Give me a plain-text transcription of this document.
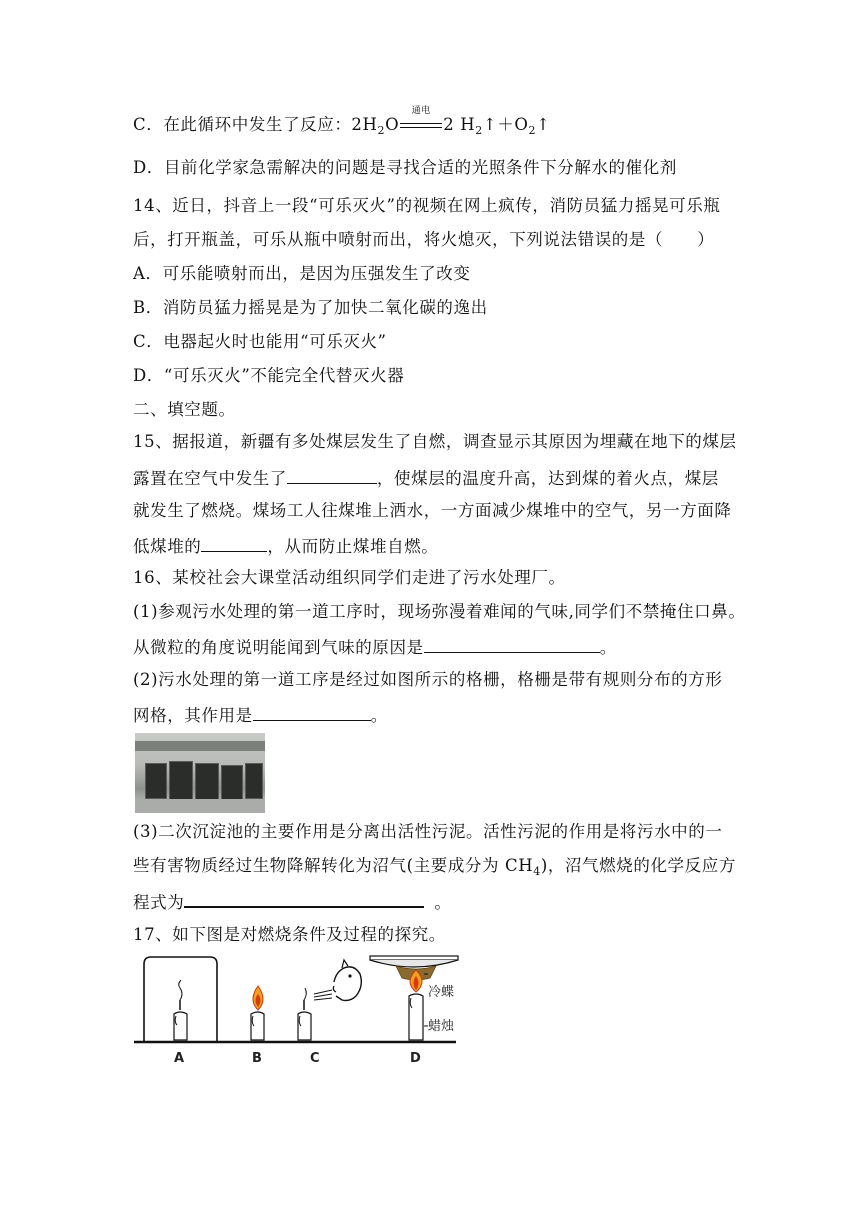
C．在此循环中发生了反应：$2H_2O$
通电
2 $H_2↑+O_2↑$
D．目前化学家急需解决的问题是寻找合适的光照条件下分解水的催化剂
14、近日，抖音上一段“可乐灭火”的视频在网上疯传，消防员猛力摇晃可乐瓶
后，打开瓶盖，可乐从瓶中喷射而出，将火熄灭，下列说法错误的是（　　）
A．可乐能喷射而出，是因为压强发生了改变
B．消防员猛力摇晃是为了加快二氧化碳的逸出
C．电器起火时也能用“可乐灭火”
D．“可乐灭火”不能完全代替灭火器
二、填空题。
15、据报道，新疆有多处煤层发生了自燃，调查显示其原因为埋藏在地下的煤层
露置在空气中发生了	，使煤层的温度升高，达到煤的着火点，煤层
就发生了燃烧。煤场工人往煤堆上洒水，一方面减少煤堆中的空气，另一方面降
低煤堆的	，从而防止煤堆自燃。
16、某校社会大课堂活动组织同学们走进了污水处理厂。
(1)参观污水处理的第一道工序时，现场弥漫着难闻的气味,同学们不禁掩住口鼻。
从微粒的角度说明能闻到气味的原因是	。
(2)污水处理的第一道工序是经过如图所示的格栅，格栅是带有规则分布的方形
网格，其作用是	。
(3)二次沉淀池的主要作用是分离出活性污泥。活性污泥的作用是将污水中的一
些有害物质经过生物降解转化为沼气(主要成分为 $CH_4$)，沼气燃烧的化学反应方
程式为	。
17、如下图是对燃烧条件及过程的探究。
冷蝶
蜡烛
A	B	C	D
